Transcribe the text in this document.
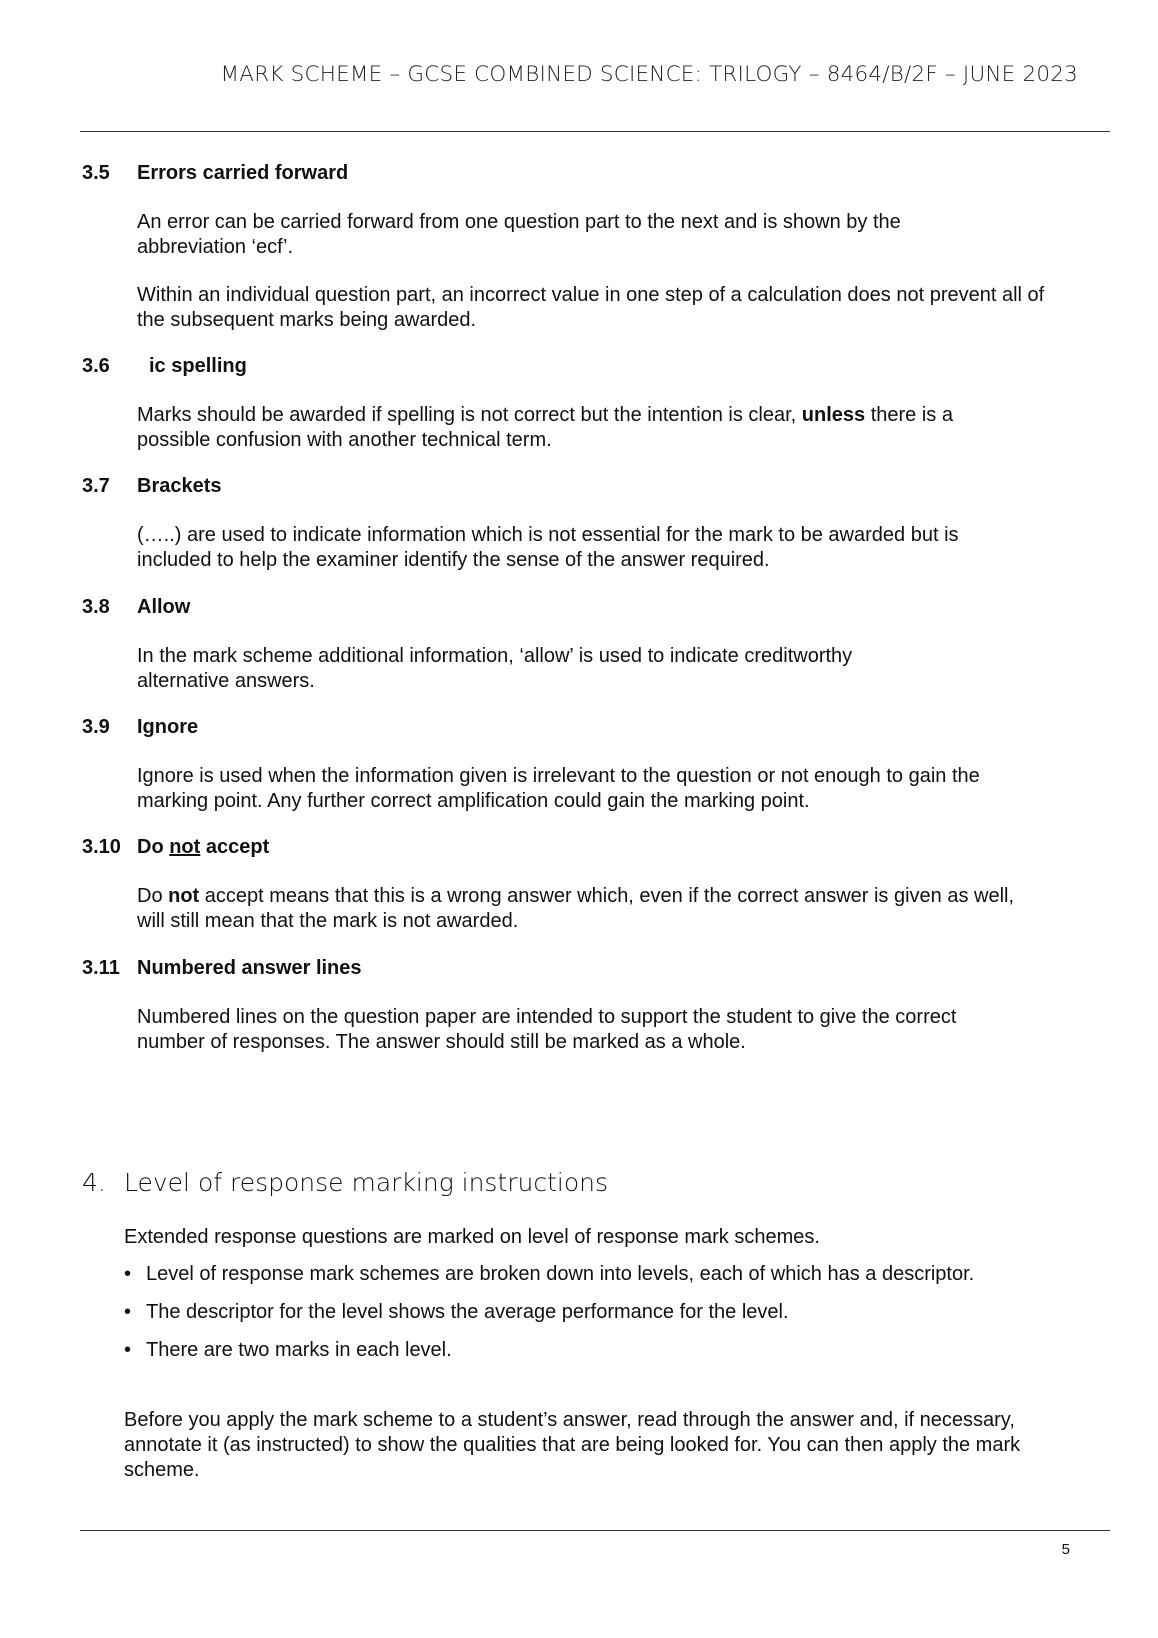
MARK SCHEME – GCSE COMBINED SCIENCE: TRILOGY – 8464/B/2F – JUNE 2023
3.5 Errors carried forward
An error can be carried forward from one question part to the next and is shown by the abbreviation ‘ecf’.
Within an individual question part, an incorrect value in one step of a calculation does not prevent all of the subsequent marks being awarded.
3.6 ic spelling
Marks should be awarded if spelling is not correct but the intention is clear, unless there is a possible confusion with another technical term.
3.7 Brackets
(…..) are used to indicate information which is not essential for the mark to be awarded but is included to help the examiner identify the sense of the answer required.
3.8 Allow
In the mark scheme additional information, ‘allow’ is used to indicate creditworthy
alternative answers.
3.9 Ignore
Ignore is used when the information given is irrelevant to the question or not enough to gain the marking point. Any further correct amplification could gain the marking point.
3.10 Do not accept
Do not accept means that this is a wrong answer which, even if the correct answer is given as well, will still mean that the mark is not awarded.
3.11 Numbered answer lines
Numbered lines on the question paper are intended to support the student to give the correct number of responses. The answer should still be marked as a whole.
4. Level of response marking instructions
Extended response questions are marked on level of response mark schemes.
• Level of response mark schemes are broken down into levels, each of which has a descriptor.
• The descriptor for the level shows the average performance for the level.
• There are two marks in each level.
Before you apply the mark scheme to a student’s answer, read through the answer and, if necessary, annotate it (as instructed) to show the qualities that are being looked for. You can then apply the mark scheme.
5
